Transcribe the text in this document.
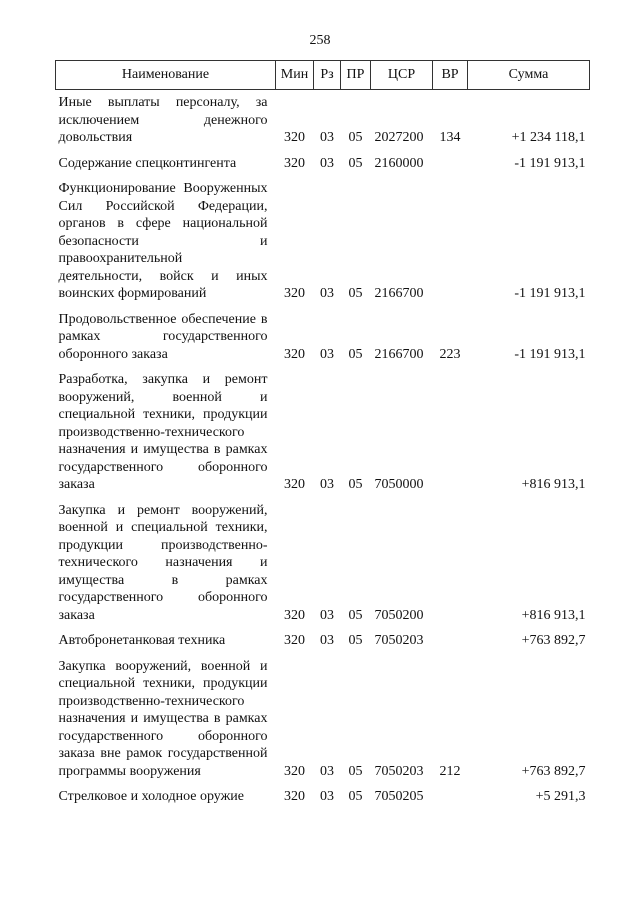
258
Наименование	Мин	Рз	ПР	ЦСР	ВР	Сумма
Иные выплаты персоналу, за исключением денежного довольствия	320	03	05	2027200	134	+1 234 118,1
Содержание спецконтингента	320	03	05	2160000		-1 191 913,1
Функционирование Вооруженных Сил Российской Федерации, органов в сфере национальной безопасности и правоохранительной деятельности, войск и иных воинских формирований	320	03	05	2166700		-1 191 913,1
Продовольственное обеспечение в рамках государственного оборонного заказа	320	03	05	2166700	223	-1 191 913,1
Разработка, закупка и ремонт вооружений, военной и специальной техники, продукции производственно-технического назначения и имущества в рамках государственного оборонного заказа	320	03	05	7050000		+816 913,1
Закупка и ремонт вооружений, военной и специальной техники, продукции производственно-технического назначения и имущества в рамках государственного оборонного заказа	320	03	05	7050200		+816 913,1
Автобронетанковая техника	320	03	05	7050203		+763 892,7
Закупка вооружений, военной и специальной техники, продукции производственно-технического назначения и имущества в рамках государственного оборонного заказа вне рамок государственной программы вооружения	320	03	05	7050203	212	+763 892,7
Стрелковое и холодное оружие	320	03	05	7050205		+5 291,3
